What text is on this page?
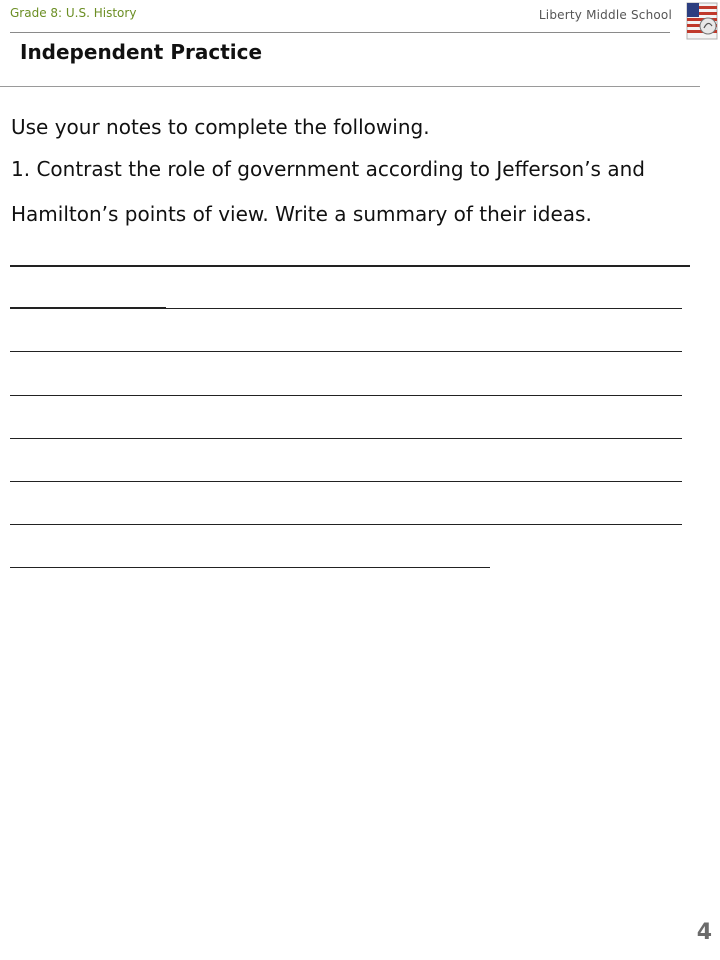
Grade 8: U.S. History	Liberty Middle School
Independent Practice
Use your notes to complete the following.
1. Contrast the role of government according to Jefferson’s and
Hamilton’s points of view. Write a summary of their ideas.
4
